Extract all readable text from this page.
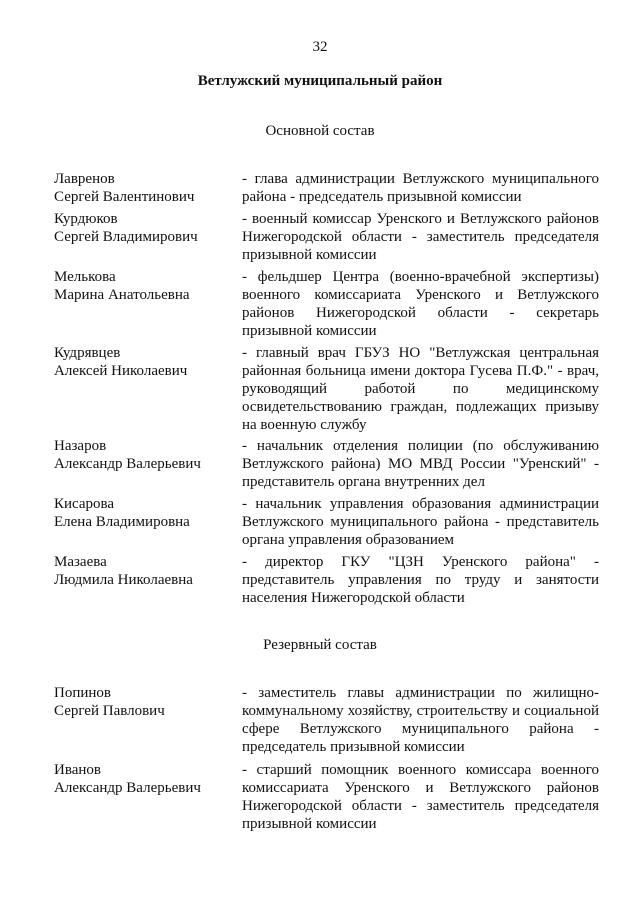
32
Ветлужский муниципальный район
Основной состав
Лавренов
Сергей Валентинович
- глава администрации Ветлужского муниципального района - председатель призывной комиссии
Курдюков
Сергей Владимирович
- военный комиссар Уренского и Ветлужского районов Нижегородской области - заместитель председателя призывной комиссии
Мелькова
Марина Анатольевна
- фельдшер Центра (военно-врачебной экспертизы) военного комиссариата Уренского и Ветлужского районов Нижегородской области - секретарь призывной комиссии
Кудрявцев
Алексей Николаевич
- главный врач ГБУЗ НО "Ветлужская центральная районная больница имени доктора Гусева П.Ф." - врач, руководящий работой по медицинскому освидетельствованию граждан, подлежащих призыву на военную службу
Назаров
Александр Валерьевич
- начальник отделения полиции (по обслуживанию Ветлужского района) МО МВД России "Уренский" - представитель органа внутренних дел
Кисарова
Елена Владимировна
- начальник управления образования администрации Ветлужского муниципального района - представитель органа управления образованием
Мазаева
Людмила Николаевна
- директор ГКУ "ЦЗН Уренского района" - представитель управления по труду и занятости населения Нижегородской области
Резервный состав
Попинов
Сергей Павлович
- заместитель главы администрации по жилищно-коммунальному хозяйству, строительству и социальной сфере Ветлужского муниципального района - председатель призывной комиссии
Иванов
Александр Валерьевич
- старший помощник военного комиссара военного комиссариата Уренского и Ветлужского районов Нижегородской области - заместитель председателя призывной комиссии
